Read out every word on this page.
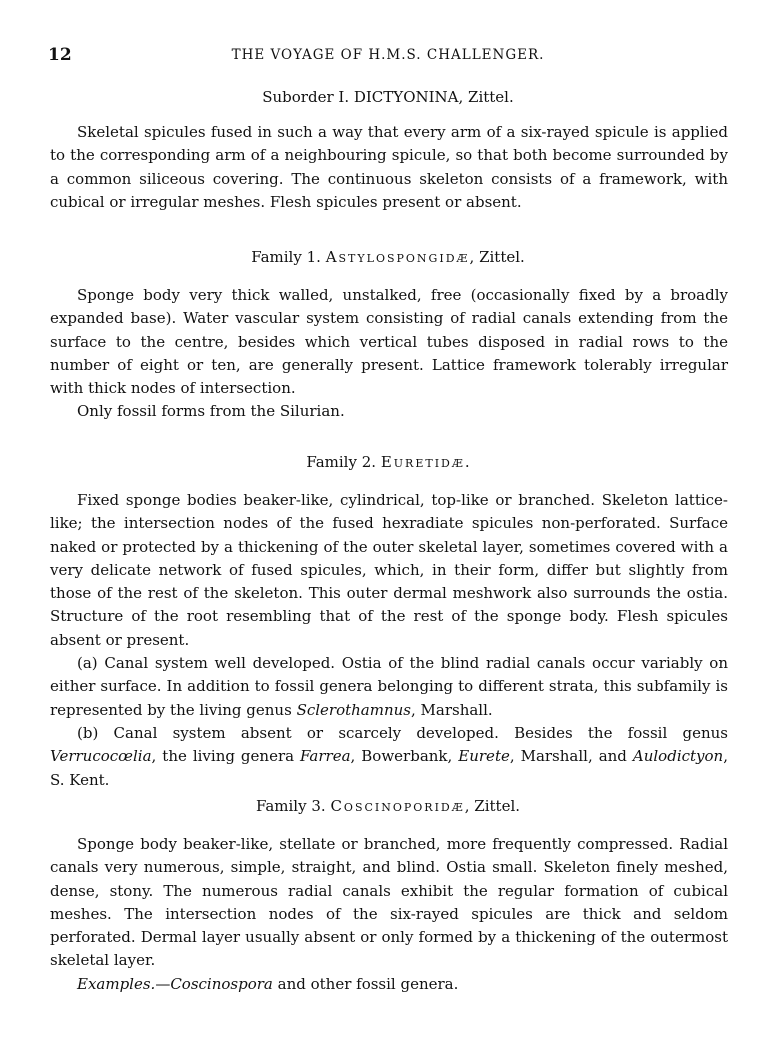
12	THE VOYAGE OF H.M.S. CHALLENGER.
Suborder I. DICTYONINA, Zittel.

Skeletal spicules fused in such a way that every arm of a six-rayed spicule is applied to the corresponding arm of a neighbouring spicule, so that both become surrounded by a common siliceous covering. The continuous skeleton consists of a framework, with cubical or irregular meshes. Flesh spicules present or absent.

Family 1. Astylospongidæ, Zittel.

Sponge body very thick walled, unstalked, free (occasionally fixed by a broadly expanded base). Water vascular system consisting of radial canals extending from the surface to the centre, besides which vertical tubes disposed in radial rows to the number of eight or ten, are generally present. Lattice framework tolerably irregular with thick nodes of intersection.

Only fossil forms from the Silurian.

Family 2. Euretidæ.

Fixed sponge bodies beaker-like, cylindrical, top-like or branched. Skeleton lattice-like; the intersection nodes of the fused hexradiate spicules non-perforated. Surface naked or protected by a thickening of the outer skeletal layer, sometimes covered with a very delicate network of fused spicules, which, in their form, differ but slightly from those of the rest of the skeleton. This outer dermal meshwork also surrounds the ostia. Structure of the root resembling that of the rest of the sponge body. Flesh spicules absent or present.

(a) Canal system well developed. Ostia of the blind radial canals occur variably on either surface. In addition to fossil genera belonging to different strata, this subfamily is represented by the living genus Sclerothamnus, Marshall.

(b) Canal system absent or scarcely developed. Besides the fossil genus Verrucocœlia, the living genera Farrea, Bowerbank, Eurete, Marshall, and Aulodictyon, S. Kent.

Family 3. Coscinoporidæ, Zittel.

Sponge body beaker-like, stellate or branched, more frequently compressed. Radial canals very numerous, simple, straight, and blind. Ostia small. Skeleton finely meshed, dense, stony. The numerous radial canals exhibit the regular formation of cubical meshes. The intersection nodes of the six-rayed spicules are thick and seldom perforated. Dermal layer usually absent or only formed by a thickening of the outermost skeletal layer.

Examples.—Coscinospora and other fossil genera.
